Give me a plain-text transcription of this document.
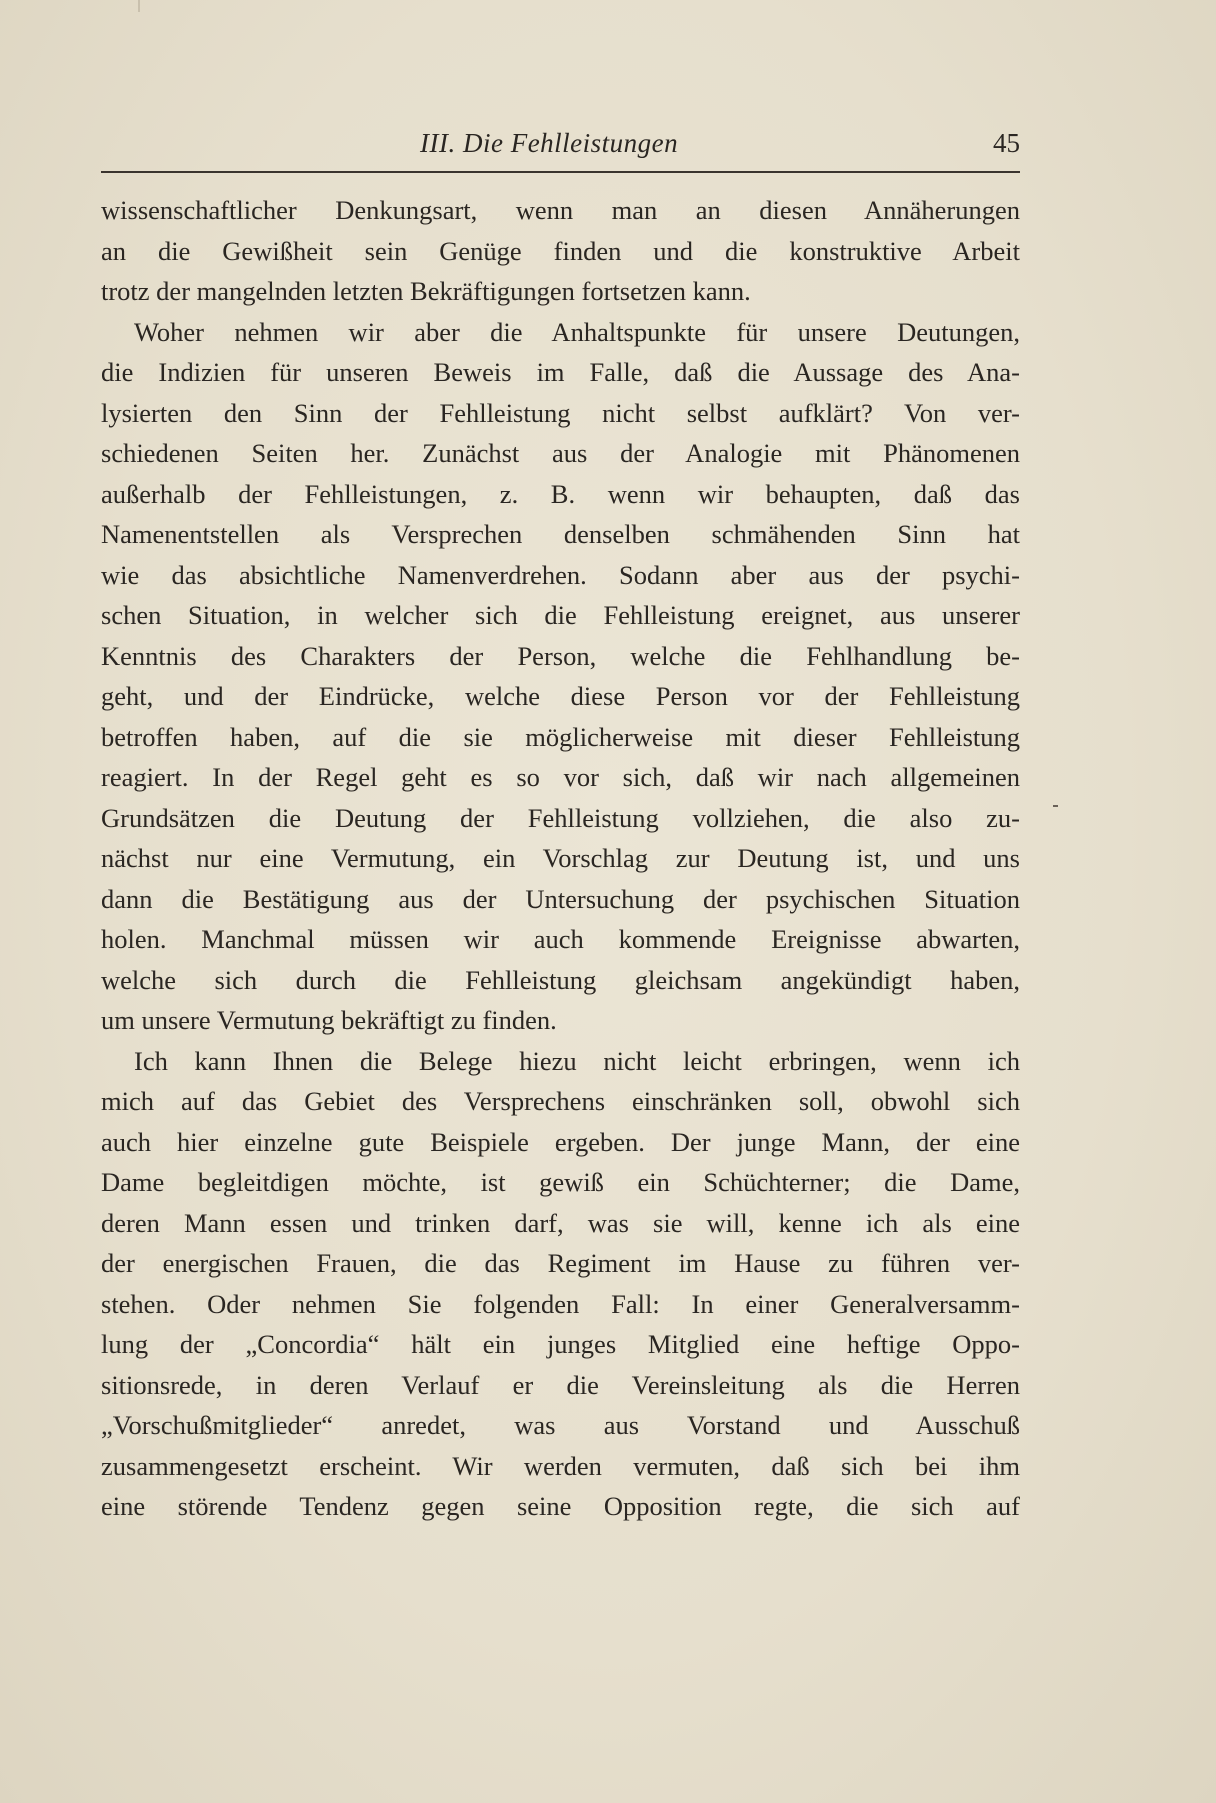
III. Die Fehlleistungen	45
wissenschaftlicher Denkungsart, wenn man an diesen Annäherungen
an die Gewißheit sein Genüge finden und die konstruktive Arbeit
trotz der mangelnden letzten Bekräftigungen fortsetzen kann.
Woher nehmen wir aber die Anhaltspunkte für unsere Deutungen,
die Indizien für unseren Beweis im Falle, daß die Aussage des Ana-
lysierten den Sinn der Fehlleistung nicht selbst aufklärt? Von ver-
schiedenen Seiten her. Zunächst aus der Analogie mit Phänomenen
außerhalb der Fehlleistungen, z. B. wenn wir behaupten, daß das
Namenentstellen als Versprechen denselben schmähenden Sinn hat
wie das absichtliche Namenverdrehen. Sodann aber aus der psychi-
schen Situation, in welcher sich die Fehlleistung ereignet, aus unserer
Kenntnis des Charakters der Person, welche die Fehlhandlung be-
geht, und der Eindrücke, welche diese Person vor der Fehlleistung
betroffen haben, auf die sie möglicherweise mit dieser Fehlleistung
reagiert. In der Regel geht es so vor sich, daß wir nach allgemeinen
Grundsätzen die Deutung der Fehlleistung vollziehen, die also zu-
nächst nur eine Vermutung, ein Vorschlag zur Deutung ist, und uns
dann die Bestätigung aus der Untersuchung der psychischen Situation
holen. Manchmal müssen wir auch kommende Ereignisse abwarten,
welche sich durch die Fehlleistung gleichsam angekündigt haben,
um unsere Vermutung bekräftigt zu finden.
Ich kann Ihnen die Belege hiezu nicht leicht erbringen, wenn ich
mich auf das Gebiet des Versprechens einschränken soll, obwohl sich
auch hier einzelne gute Beispiele ergeben. Der junge Mann, der eine
Dame begleitdigen möchte, ist gewiß ein Schüchterner; die Dame,
deren Mann essen und trinken darf, was sie will, kenne ich als eine
der energischen Frauen, die das Regiment im Hause zu führen ver-
stehen. Oder nehmen Sie folgenden Fall: In einer Generalversamm-
lung der „Concordia“ hält ein junges Mitglied eine heftige Oppo-
sitionsrede, in deren Verlauf er die Vereinsleitung als die Herren
„Vorschußmitglieder“ anredet, was aus Vorstand und Ausschuß
zusammengesetzt erscheint. Wir werden vermuten, daß sich bei ihm
eine störende Tendenz gegen seine Opposition regte, die sich auf
